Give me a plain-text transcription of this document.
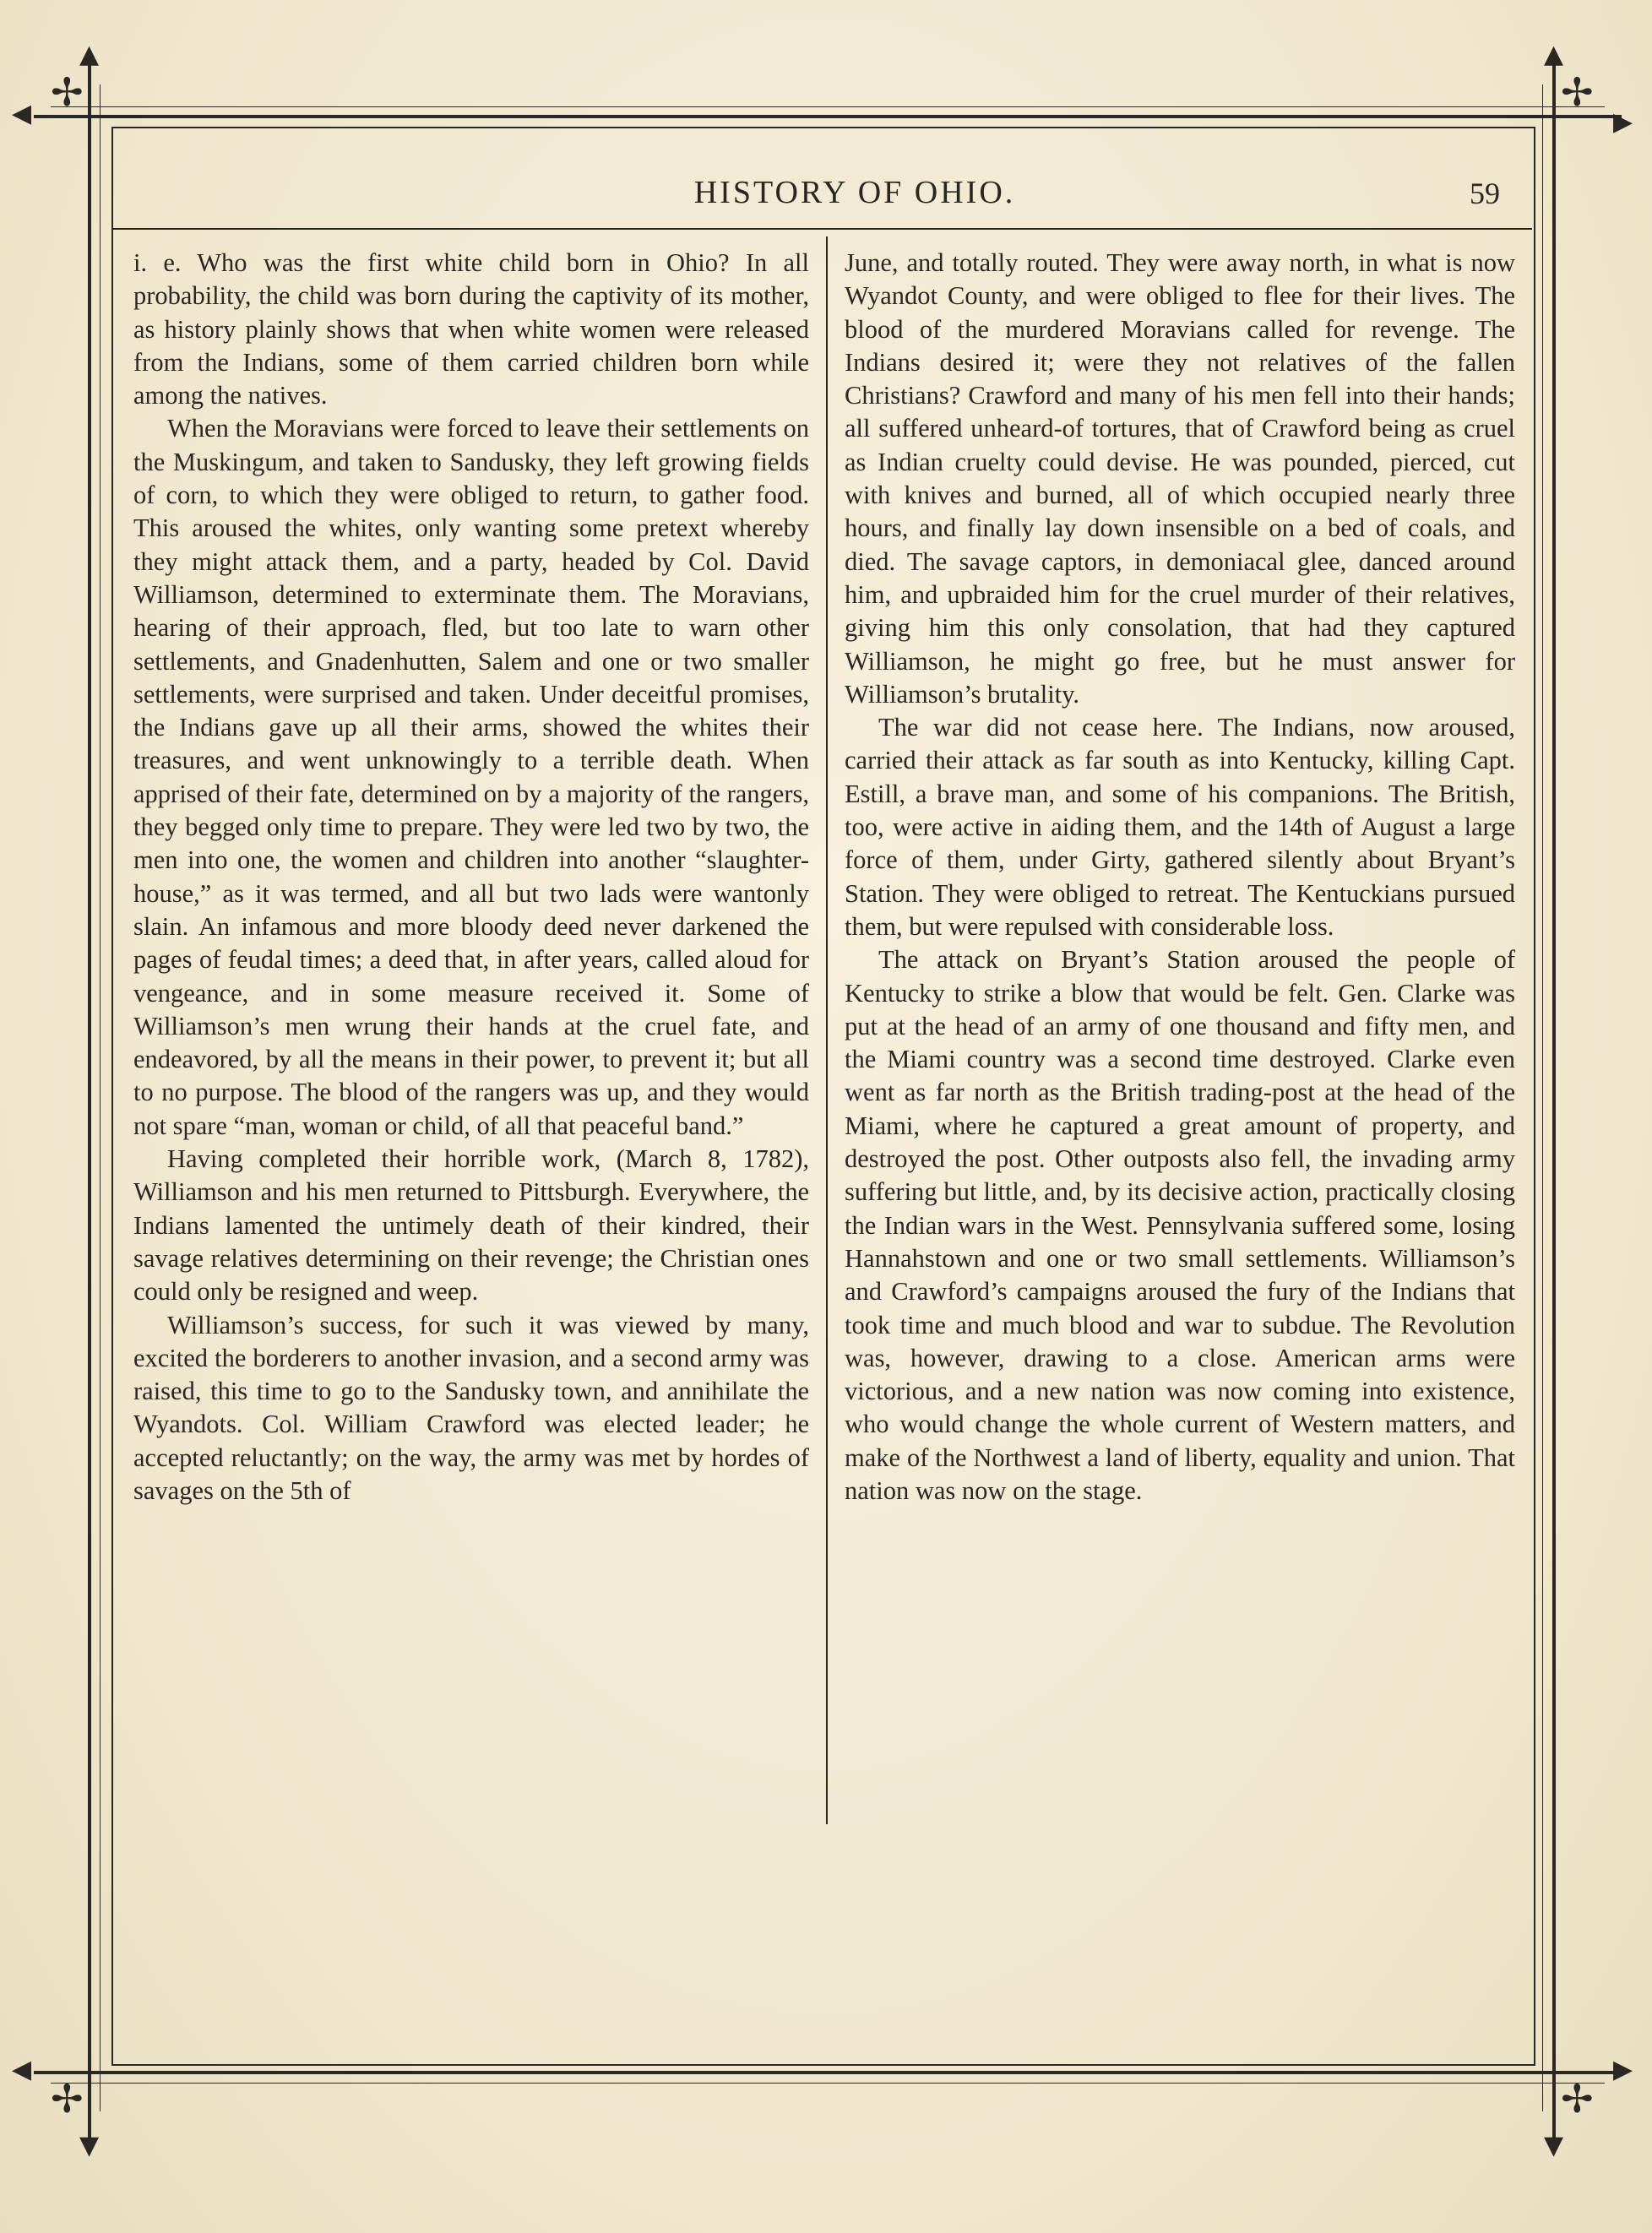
✢	✢
✢	✢
▲	▲
▼	▼
◀	▶
◀	▶
HISTORY OF OHIO.	59

i. e. Who was the first white child born in Ohio? In all probability, the child was born during the captivity of its mother, as history plainly shows that when white women were released from the Indians, some of them carried children born while among the natives.

When the Moravians were forced to leave their settlements on the Muskingum, and taken to Sandusky, they left growing fields of corn, to which they were obliged to return, to gather food. This aroused the whites, only wanting some pretext whereby they might attack them, and a party, headed by Col. David Williamson, determined to exterminate them. The Moravians, hearing of their approach, fled, but too late to warn other settlements, and Gnadenhutten, Salem and one or two smaller settlements, were surprised and taken. Under deceitful promises, the Indians gave up all their arms, showed the whites their treasures, and went unknowingly to a terrible death. When apprised of their fate, determined on by a majority of the rangers, they begged only time to prepare. They were led two by two, the men into one, the women and children into another “slaughter-house,” as it was termed, and all but two lads were wantonly slain. An infamous and more bloody deed never darkened the pages of feudal times; a deed that, in after years, called aloud for vengeance, and in some measure received it. Some of Williamson’s men wrung their hands at the cruel fate, and endeavored, by all the means in their power, to prevent it; but all to no purpose. The blood of the rangers was up, and they would not spare “man, woman or child, of all that peaceful band.”

Having completed their horrible work, (March 8, 1782), Williamson and his men returned to Pittsburgh. Everywhere, the Indians lamented the untimely death of their kindred, their savage relatives determining on their revenge; the Christian ones could only be resigned and weep.

Williamson’s success, for such it was viewed by many, excited the borderers to another invasion, and a second army was raised, this time to go to the Sandusky town, and annihilate the Wyandots. Col. William Crawford was elected leader; he accepted reluctantly; on the way, the army was met by hordes of savages on the 5th of

June, and totally routed. They were away north, in what is now Wyandot County, and were obliged to flee for their lives. The blood of the murdered Moravians called for revenge. The Indians desired it; were they not relatives of the fallen Christians? Crawford and many of his men fell into their hands; all suffered unheard-of tortures, that of Crawford being as cruel as Indian cruelty could devise. He was pounded, pierced, cut with knives and burned, all of which occupied nearly three hours, and finally lay down insensible on a bed of coals, and died. The savage captors, in demoniacal glee, danced around him, and upbraided him for the cruel murder of their relatives, giving him this only consolation, that had they captured Williamson, he might go free, but he must answer for Williamson’s brutality.

The war did not cease here. The Indians, now aroused, carried their attack as far south as into Kentucky, killing Capt. Estill, a brave man, and some of his companions. The British, too, were active in aiding them, and the 14th of August a large force of them, under Girty, gathered silently about Bryant’s Station. They were obliged to retreat. The Kentuckians pursued them, but were repulsed with considerable loss.

The attack on Bryant’s Station aroused the people of Kentucky to strike a blow that would be felt. Gen. Clarke was put at the head of an army of one thousand and fifty men, and the Miami country was a second time destroyed. Clarke even went as far north as the British trading-post at the head of the Miami, where he captured a great amount of property, and destroyed the post. Other outposts also fell, the invading army suffering but little, and, by its decisive action, practically closing the Indian wars in the West. Pennsylvania suffered some, losing Hannahstown and one or two small settlements. Williamson’s and Crawford’s campaigns aroused the fury of the Indians that took time and much blood and war to subdue. The Revolution was, however, drawing to a close. American arms were victorious, and a new nation was now coming into existence, who would change the whole current of Western matters, and make of the Northwest a land of liberty, equality and union. That nation was now on the stage.
